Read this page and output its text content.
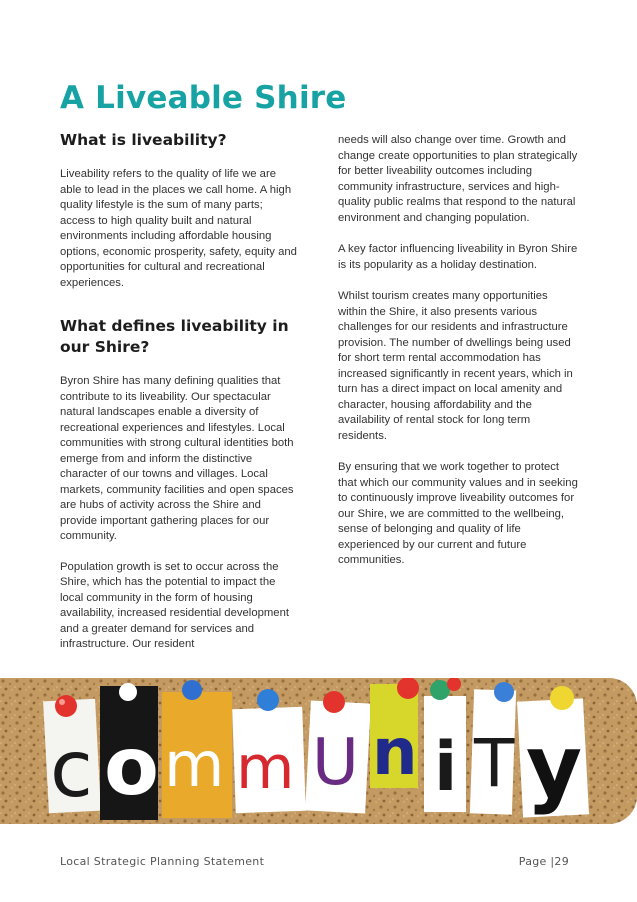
A Liveable Shire
What is liveability?

Liveability refers to the quality of life we are able to lead in the places we call home. A high quality lifestyle is the sum of many parts; access to high quality built and natural environments including affordable housing options, economic prosperity, safety, equity and opportunities for cultural and recreational experiences.

What defines liveability in our Shire?

Byron Shire has many defining qualities that contribute to its liveability. Our spectacular natural landscapes enable a diversity of recreational experiences and lifestyles. Local communities with strong cultural identities both emerge from and inform the distinctive character of our towns and villages. Local markets, community facilities and open spaces are hubs of activity across the Shire and provide important gathering places for our community.

Population growth is set to occur across the Shire, which has the potential to impact the local community in the form of housing availability, increased residential development and a greater demand for services and infrastructure. Our resident

needs will also change over time. Growth and change create opportunities to plan strategically for better liveability outcomes including community infrastructure, services and high-quality public realms that respond to the natural environment and changing population.

A key factor influencing liveability in Byron Shire is its popularity as a holiday destination.

Whilst tourism creates many opportunities within the Shire, it also presents various challenges for our residents and infrastructure provision. The number of dwellings being used for short term rental accommodation has increased significantly in recent years, which in turn has a direct impact on local amenity and character, housing affordability and the availability of rental stock for long term residents.

By ensuring that we work together to protect that which our community values and in seeking to continuously improve liveability outcomes for our Shire, we are committed to the wellbeing, sense of belonging and quality of life experienced by our current and future communities.

c o m m U n i T y
Local Strategic Planning Statement	Page |29
